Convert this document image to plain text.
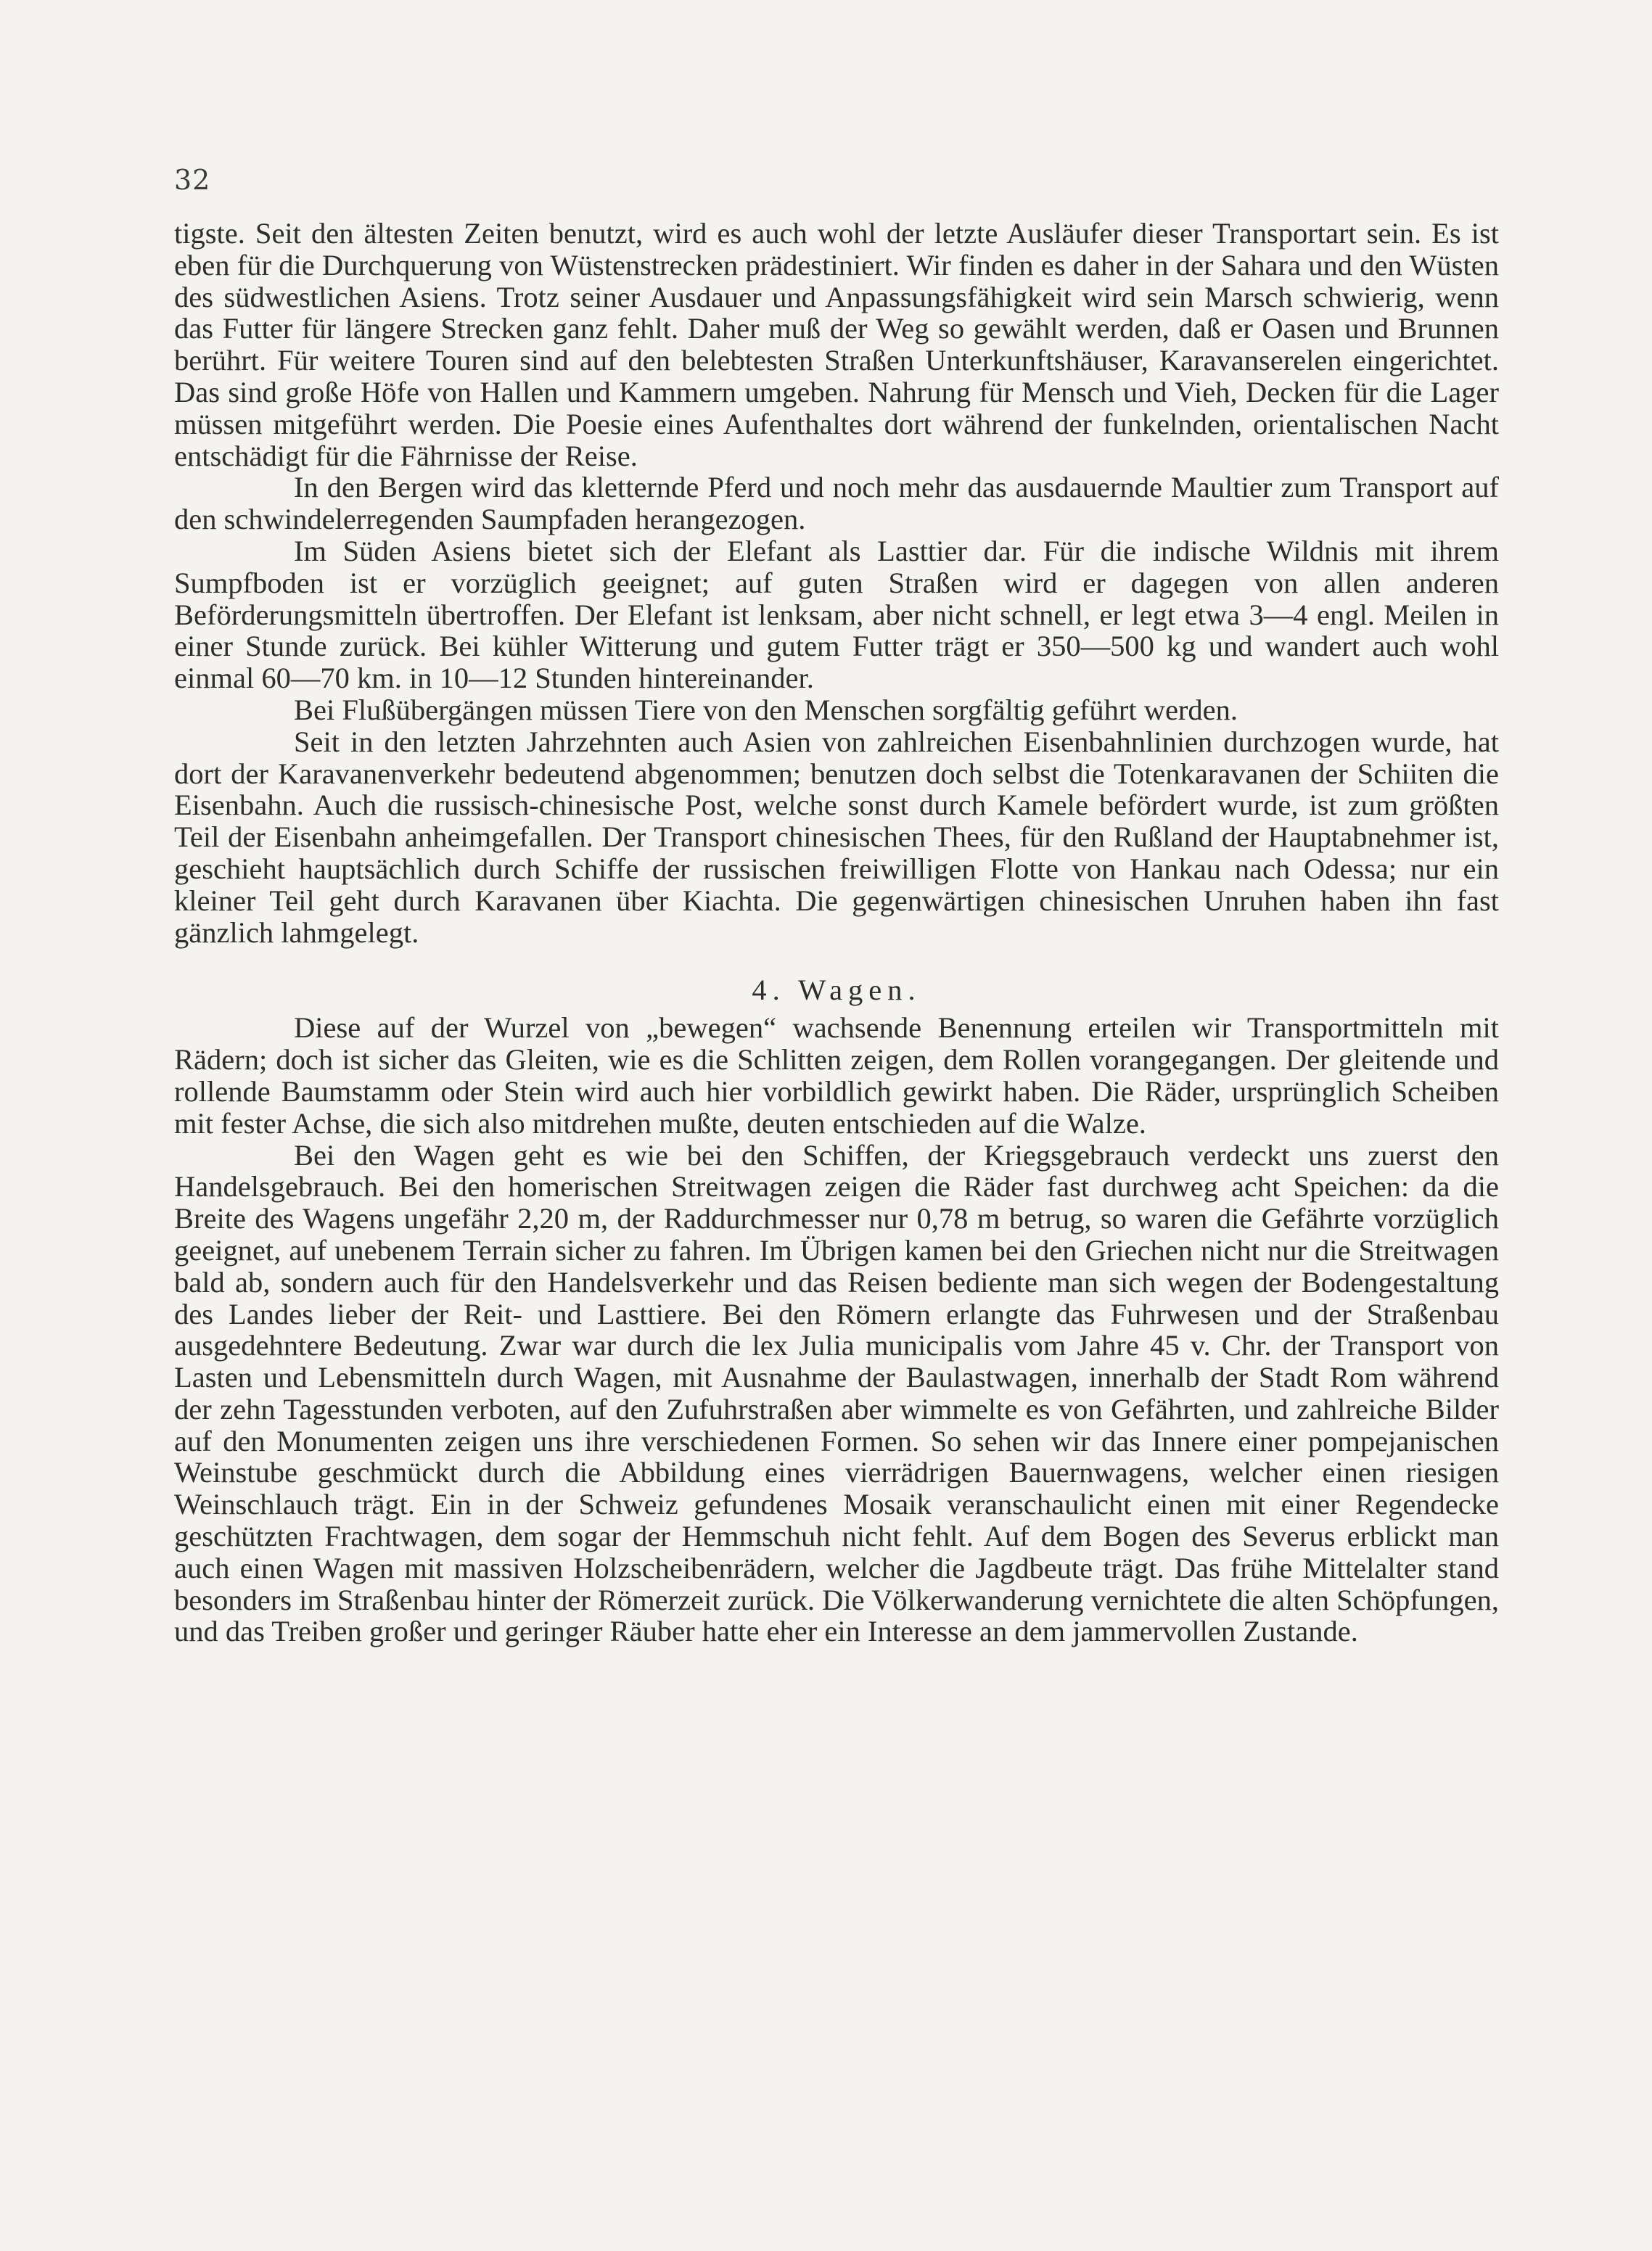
32

tigste. Seit den ältesten Zeiten benutzt, wird es auch wohl der letzte Ausläufer dieser Transportart sein. Es ist eben für die Durchquerung von Wüstenstrecken prädestiniert. Wir finden es daher in der Sahara und den Wüsten des südwestlichen Asiens. Trotz seiner Ausdauer und Anpassungsfähigkeit wird sein Marsch schwierig, wenn das Futter für längere Strecken ganz fehlt. Daher muß der Weg so gewählt werden, daß er Oasen und Brunnen berührt. Für weitere Touren sind auf den belebtesten Straßen Unterkunftshäuser, Karavanserelen eingerichtet. Das sind große Höfe von Hallen und Kammern umgeben. Nahrung für Mensch und Vieh, Decken für die Lager müssen mitgeführt werden. Die Poesie eines Aufenthaltes dort während der funkelnden, orientalischen Nacht entschädigt für die Fährnisse der Reise.

In den Bergen wird das kletternde Pferd und noch mehr das ausdauernde Maultier zum Transport auf den schwindelerregenden Saumpfaden herangezogen.

Im Süden Asiens bietet sich der Elefant als Lasttier dar. Für die indische Wildnis mit ihrem Sumpfboden ist er vorzüglich geeignet; auf guten Straßen wird er dagegen von allen anderen Beförderungsmitteln übertroffen. Der Elefant ist lenksam, aber nicht schnell, er legt etwa 3—4 engl. Meilen in einer Stunde zurück. Bei kühler Witterung und gutem Futter trägt er 350—500 kg und wandert auch wohl einmal 60—70 km. in 10—12 Stunden hintereinander.

Bei Flußübergängen müssen Tiere von den Menschen sorgfältig geführt werden.

Seit in den letzten Jahrzehnten auch Asien von zahlreichen Eisenbahnlinien durchzogen wurde, hat dort der Karavanenverkehr bedeutend abgenommen; benutzen doch selbst die Totenkaravanen der Schiiten die Eisenbahn. Auch die russisch-chinesische Post, welche sonst durch Kamele befördert wurde, ist zum größten Teil der Eisenbahn anheimgefallen. Der Transport chinesischen Thees, für den Rußland der Hauptabnehmer ist, geschieht hauptsächlich durch Schiffe der russischen freiwilligen Flotte von Hankau nach Odessa; nur ein kleiner Teil geht durch Karavanen über Kiachta. Die gegenwärtigen chinesischen Unruhen haben ihn fast gänzlich lahmgelegt.

4. Wagen.

Diese auf der Wurzel von „bewegen“ wachsende Benennung erteilen wir Transportmitteln mit Rädern; doch ist sicher das Gleiten, wie es die Schlitten zeigen, dem Rollen vorangegangen. Der gleitende und rollende Baumstamm oder Stein wird auch hier vorbildlich gewirkt haben. Die Räder, ursprünglich Scheiben mit fester Achse, die sich also mitdrehen mußte, deuten entschieden auf die Walze.

Bei den Wagen geht es wie bei den Schiffen, der Kriegsgebrauch verdeckt uns zuerst den Handelsgebrauch. Bei den homerischen Streitwagen zeigen die Räder fast durchweg acht Speichen: da die Breite des Wagens ungefähr 2,20 m, der Raddurchmesser nur 0,78 m betrug, so waren die Gefährte vorzüglich geeignet, auf unebenem Terrain sicher zu fahren. Im Übrigen kamen bei den Griechen nicht nur die Streitwagen bald ab, sondern auch für den Handelsverkehr und das Reisen bediente man sich wegen der Bodengestaltung des Landes lieber der Reit- und Lasttiere. Bei den Römern erlangte das Fuhrwesen und der Straßenbau ausgedehntere Bedeutung. Zwar war durch die lex Julia municipalis vom Jahre 45 v. Chr. der Transport von Lasten und Lebensmitteln durch Wagen, mit Ausnahme der Baulastwagen, innerhalb der Stadt Rom während der zehn Tagesstunden verboten, auf den Zufuhrstraßen aber wimmelte es von Gefährten, und zahlreiche Bilder auf den Monumenten zeigen uns ihre verschiedenen Formen. So sehen wir das Innere einer pompejanischen Weinstube geschmückt durch die Abbildung eines vierrädrigen Bauernwagens, welcher einen riesigen Weinschlauch trägt. Ein in der Schweiz gefundenes Mosaik veranschaulicht einen mit einer Regendecke geschützten Frachtwagen, dem sogar der Hemmschuh nicht fehlt. Auf dem Bogen des Severus erblickt man auch einen Wagen mit massiven Holzscheibenrädern, welcher die Jagdbeute trägt. Das frühe Mittelalter stand besonders im Straßenbau hinter der Römerzeit zurück. Die Völkerwanderung vernichtete die alten Schöpfungen, und das Treiben großer und geringer Räuber hatte eher ein Interesse an dem jammervollen Zustande.
